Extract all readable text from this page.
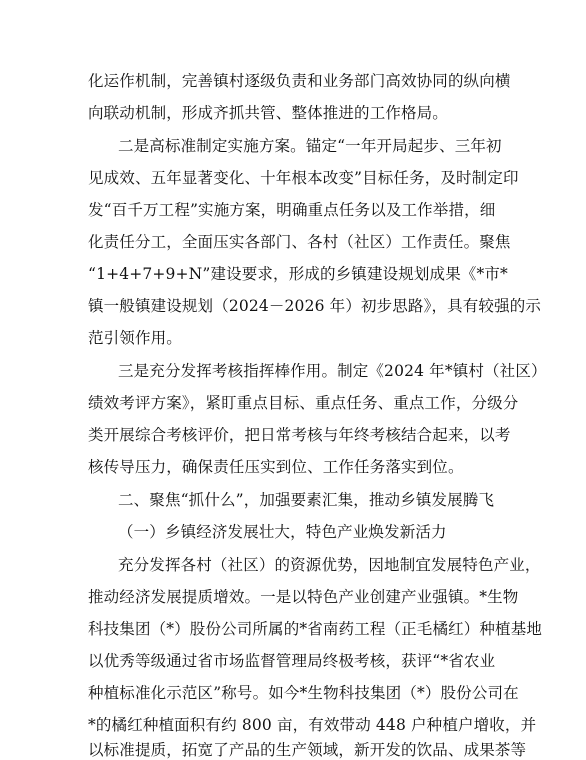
化运作机制，完善镇村逐级负责和业务部门高效协同的纵向横
向联动机制，形成齐抓共管、整体推进的工作格局。
二是高标准制定实施方案。锚定“一年开局起步、三年初
见成效、五年显著变化、十年根本改变”目标任务，及时制定印
发“百千万工程”实施方案，明确重点任务以及工作举措，细
化责任分工，全面压实各部门、各村（社区）工作责任。聚焦
“1+4+7+9+N”建设要求，形成的乡镇建设规划成果《*市*
镇一般镇建设规划（2024－2026 年）初步思路》，具有较强的示
范引领作用。
三是充分发挥考核指挥棒作用。制定《2024 年*镇村（社区）
绩效考评方案》，紧盯重点目标、重点任务、重点工作，分级分
类开展综合考核评价，把日常考核与年终考核结合起来，以考
核传导压力，确保责任压实到位、工作任务落实到位。
二、聚焦“抓什么”，加强要素汇集，推动乡镇发展腾飞
（一）乡镇经济发展壮大，特色产业焕发新活力
充分发挥各村（社区）的资源优势，因地制宜发展特色产业，
推动经济发展提质增效。一是以特色产业创建产业强镇。*生物
科技集团（*）股份公司所属的*省南药工程（正毛橘红）种植基地
以优秀等级通过省市场监督管理局终极考核，获评“*省农业
种植标准化示范区”称号。如今*生物科技集团（*）股份公司在
*的橘红种植面积有约 800 亩，有效带动 448 户种植户增收，并
以标准提质，拓宽了产品的生产领域，新开发的饮品、成果茶等
